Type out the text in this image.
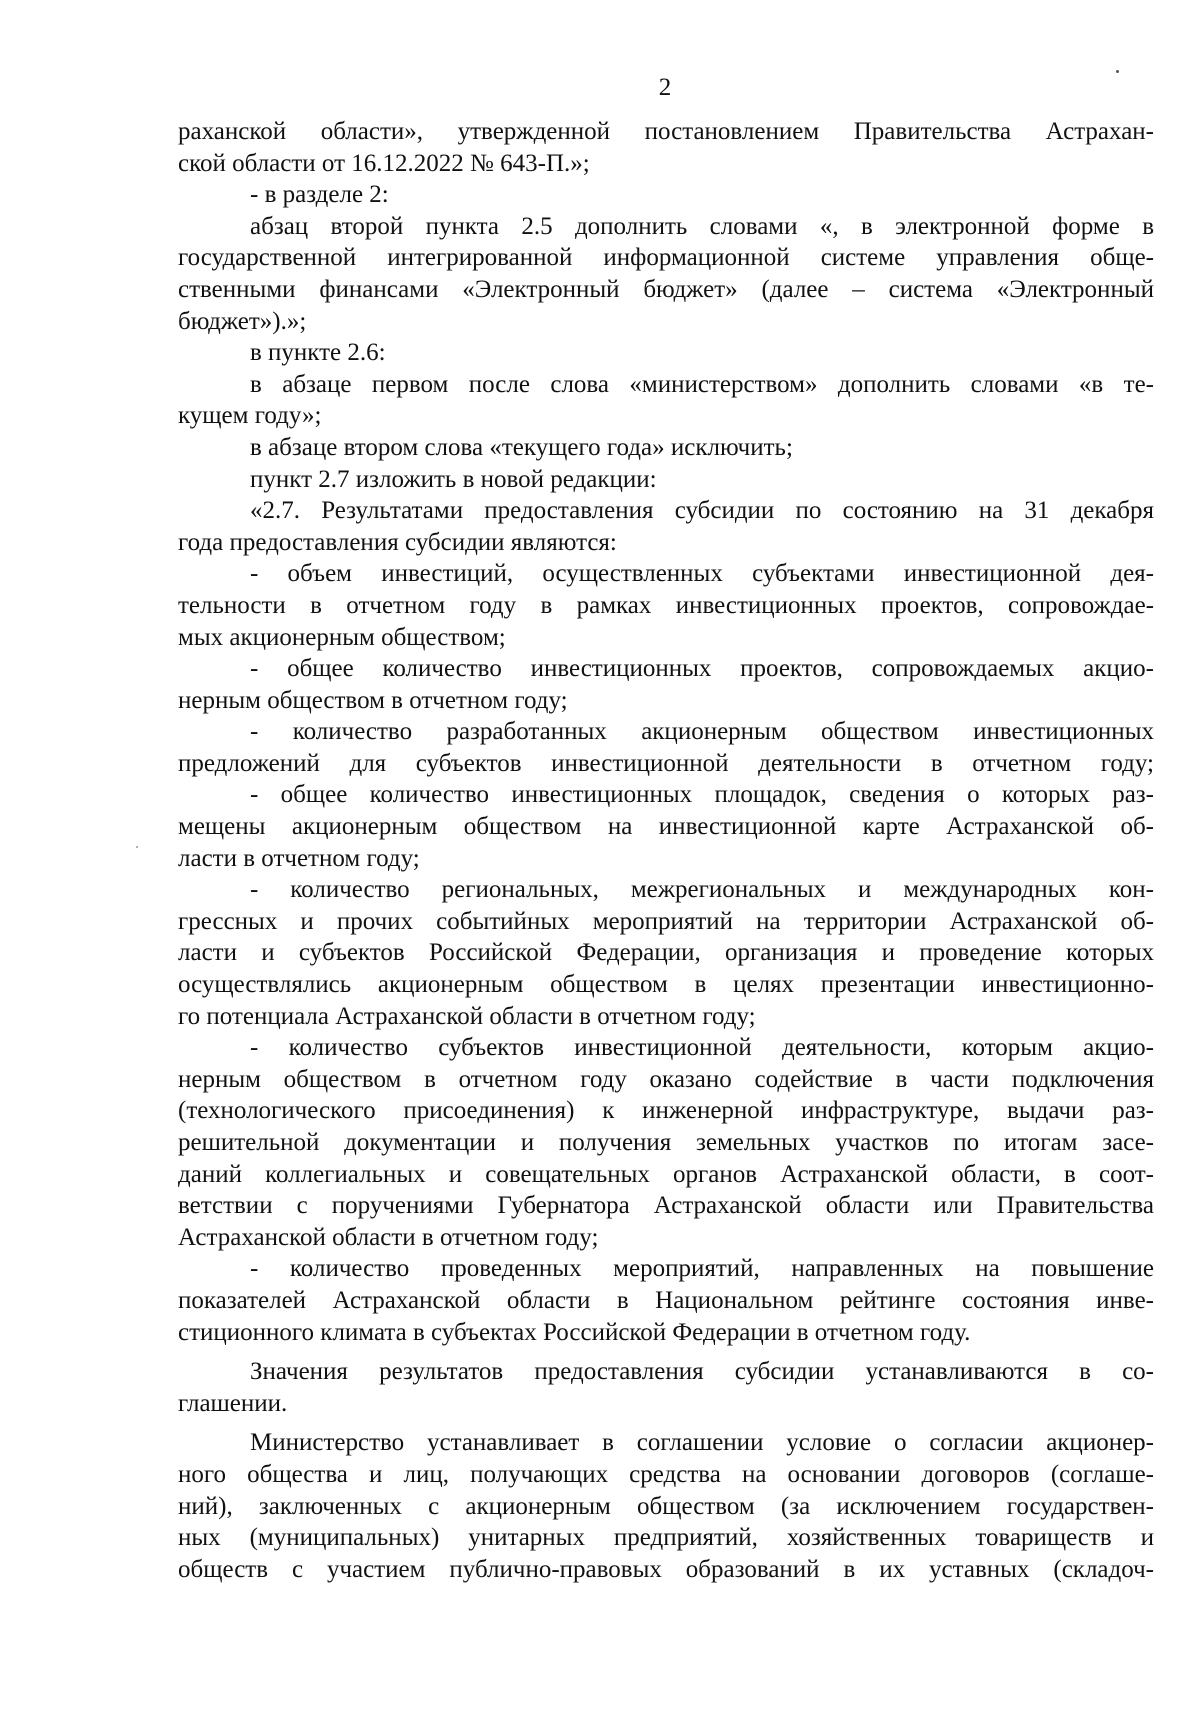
2
раханской области», утвержденной постановлением Правительства Астрахан-
ской области от 16.12.2022 № 643-П.»;
- в разделе 2:
абзац второй пункта 2.5 дополнить словами «, в электронной форме в
государственной интегрированной информационной системе управления обще-
ственными финансами «Электронный бюджет» (далее – система «Электронный
бюджет»).»;
в пункте 2.6:
в абзаце первом после слова «министерством» дополнить словами «в те-
кущем году»;
в абзаце втором слова «текущего года» исключить;
пункт 2.7 изложить в новой редакции:
«2.7. Результатами предоставления субсидии по состоянию на 31 декабря
года предоставления субсидии являются:
- объем инвестиций, осуществленных субъектами инвестиционной дея-
тельности в отчетном году в рамках инвестиционных проектов, сопровождае-
мых акционерным обществом;
- общее количество инвестиционных проектов, сопровождаемых акцио-
нерным обществом в отчетном году;
- количество разработанных акционерным обществом инвестиционных
предложений для субъектов инвестиционной деятельности в отчетном году;
- общее количество инвестиционных площадок, сведения о которых раз-
мещены акционерным обществом на инвестиционной карте Астраханской об-
ласти в отчетном году;
- количество региональных, межрегиональных и международных кон-
грессных и прочих событийных мероприятий на территории Астраханской об-
ласти и субъектов Российской Федерации, организация и проведение которых
осуществлялись акционерным обществом в целях презентации инвестиционно-
го потенциала Астраханской области в отчетном году;
- количество субъектов инвестиционной деятельности, которым акцио-
нерным обществом в отчетном году оказано содействие в части подключения
(технологического присоединения) к инженерной инфраструктуре, выдачи раз-
решительной документации и получения земельных участков по итогам засе-
даний коллегиальных и совещательных органов Астраханской области, в соот-
ветствии с поручениями Губернатора Астраханской области или Правительства
Астраханской области в отчетном году;
- количество проведенных мероприятий, направленных на повышение
показателей Астраханской области в Национальном рейтинге состояния инве-
стиционного климата в субъектах Российской Федерации в отчетном году.
Значения результатов предоставления субсидии устанавливаются в со-
глашении.
Министерство устанавливает в соглашении условие о согласии акционер-
ного общества и лиц, получающих средства на основании договоров (соглаше-
ний), заключенных с акционерным обществом (за исключением государствен-
ных (муниципальных) унитарных предприятий, хозяйственных товариществ и
обществ с участием публично-правовых образований в их уставных (складоч-
